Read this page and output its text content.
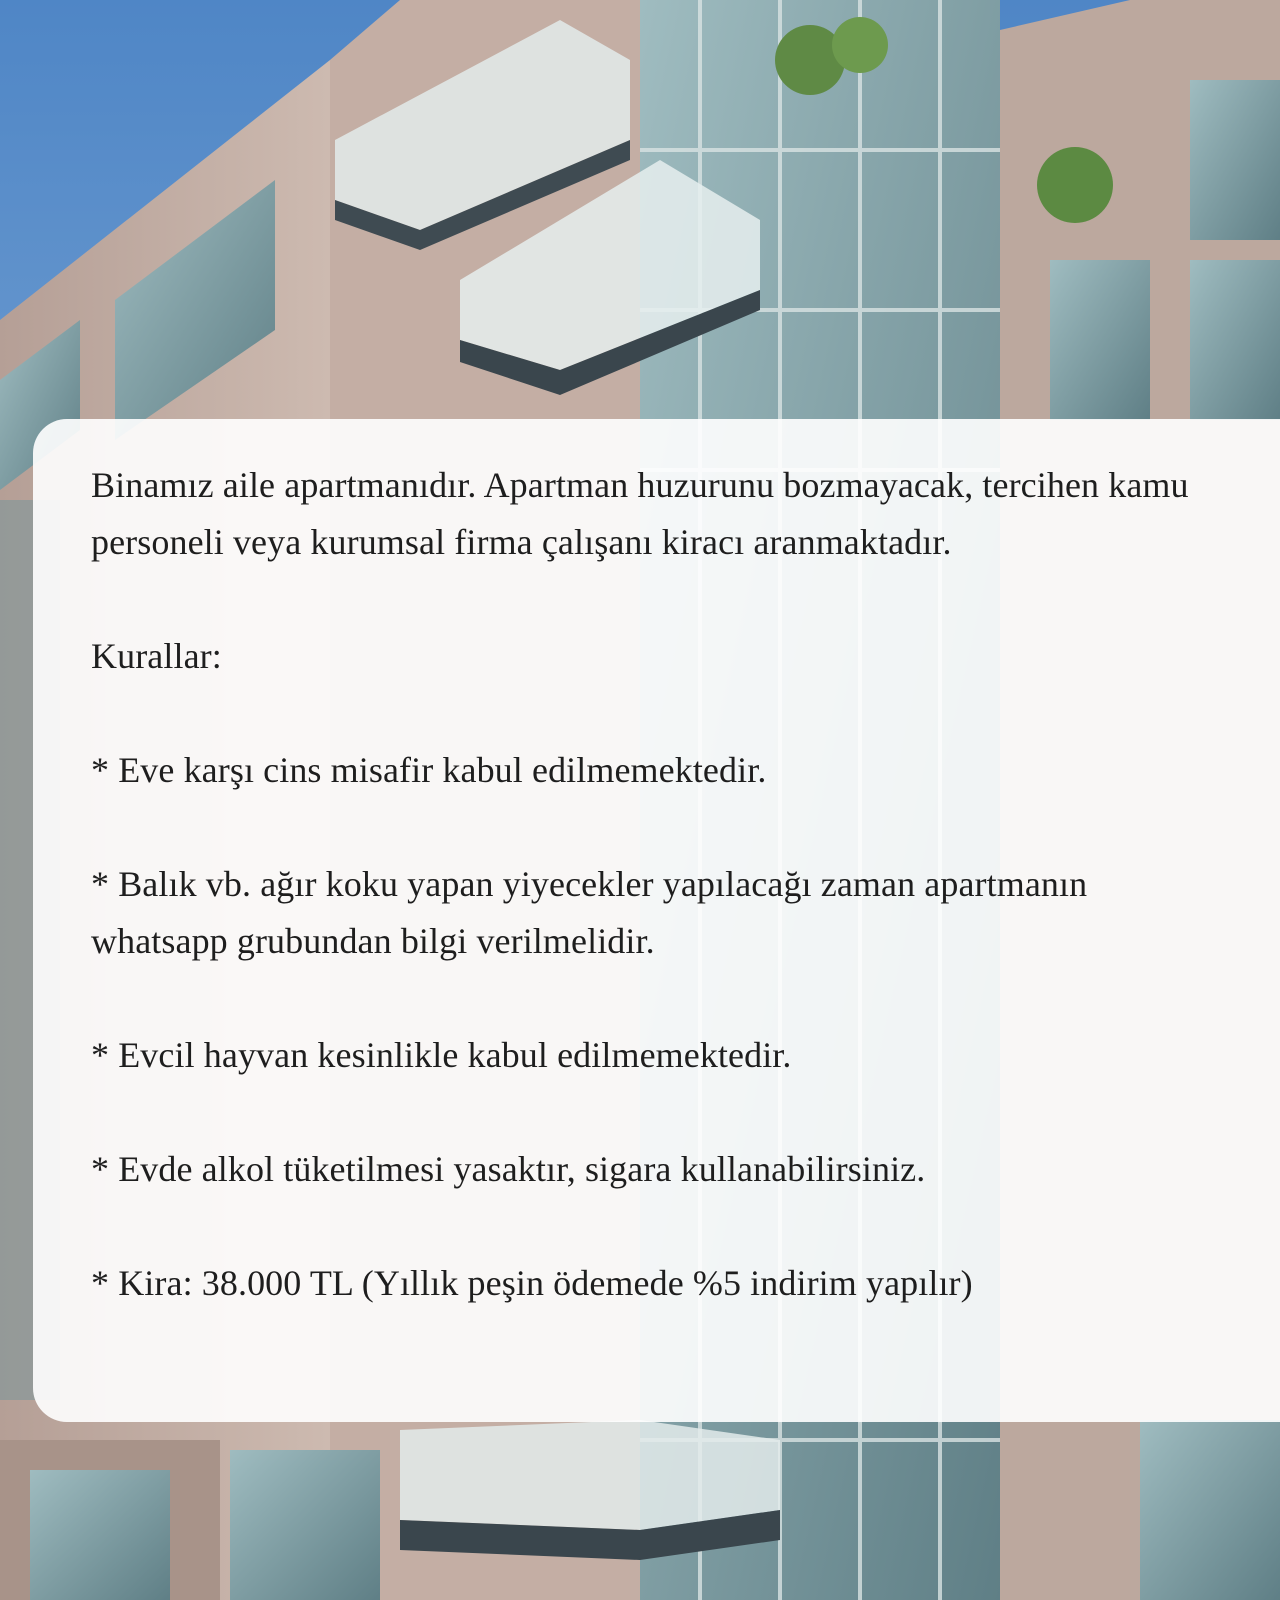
Binamız aile apartmanıdır. Apartman huzurunu bozmayacak, tercihen kamu personeli veya kurumsal firma çalışanı kiracı aranmaktadır.

Kurallar:

* Eve karşı cins misafir kabul edilmemektedir.

* Balık vb. ağır koku yapan yiyecekler yapılacağı zaman apartmanın whatsapp grubundan bilgi verilmelidir.

* Evcil hayvan kesinlikle kabul edilmemektedir.

* Evde alkol tüketilmesi yasaktır, sigara kullanabilirsiniz.

* Kira: 38.000 TL (Yıllık peşin ödemede %5 indirim yapılır)
